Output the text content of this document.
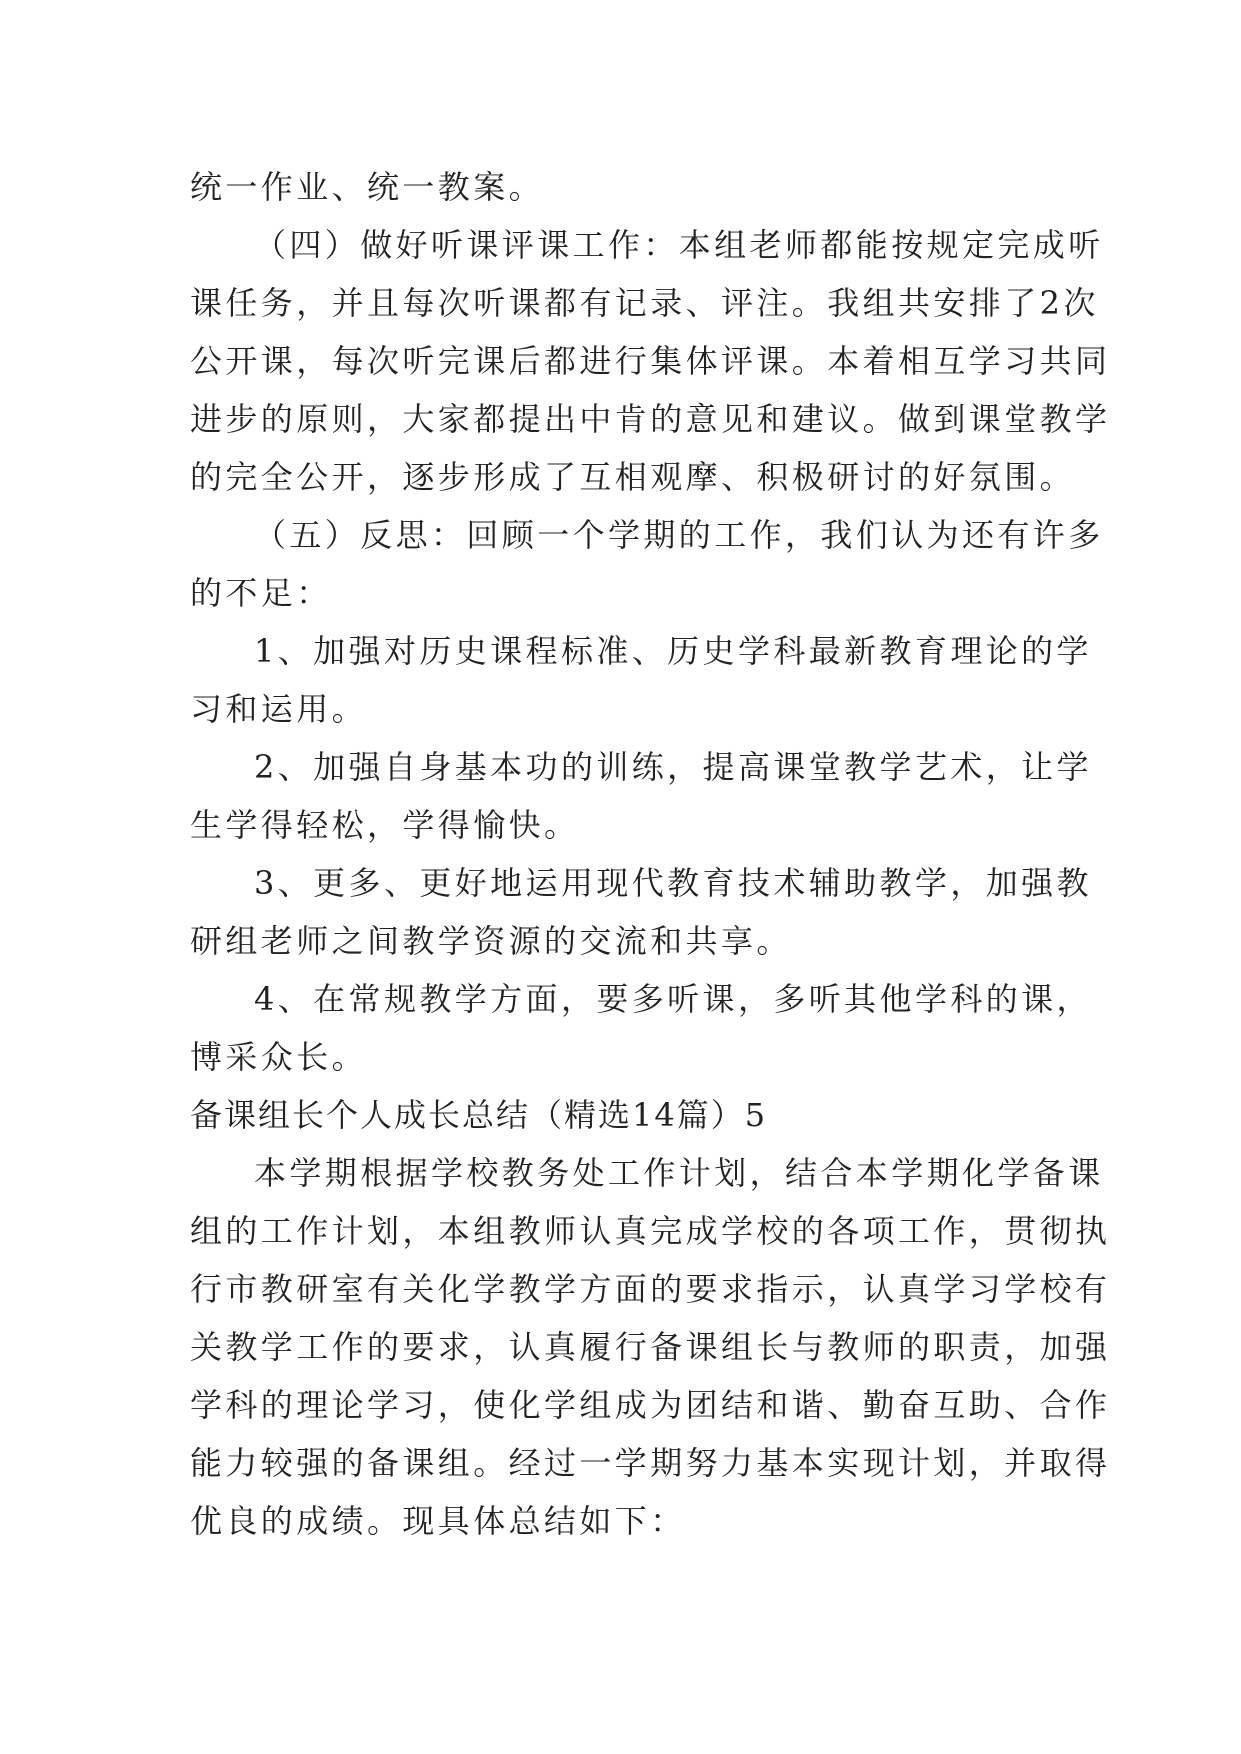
统一作业、统一教案。
（四）做好听课评课工作：本组老师都能按规定完成听
课任务，并且每次听课都有记录、评注。我组共安排了2次
公开课，每次听完课后都进行集体评课。本着相互学习共同
进步的原则，大家都提出中肯的意见和建议。做到课堂教学
的完全公开，逐步形成了互相观摩、积极研讨的好氛围。
（五）反思：回顾一个学期的工作，我们认为还有许多
的不足：
1、加强对历史课程标准、历史学科最新教育理论的学
习和运用。
2、加强自身基本功的训练，提高课堂教学艺术，让学
生学得轻松，学得愉快。
3、更多、更好地运用现代教育技术辅助教学，加强教
研组老师之间教学资源的交流和共享。
4、在常规教学方面，要多听课，多听其他学科的课，
博采众长。
备课组长个人成长总结（精选14篇）5
本学期根据学校教务处工作计划，结合本学期化学备课
组的工作计划，本组教师认真完成学校的各项工作，贯彻执
行市教研室有关化学教学方面的要求指示，认真学习学校有
关教学工作的要求，认真履行备课组长与教师的职责，加强
学科的理论学习，使化学组成为团结和谐、勤奋互助、合作
能力较强的备课组。经过一学期努力基本实现计划，并取得
优良的成绩。现具体总结如下：
